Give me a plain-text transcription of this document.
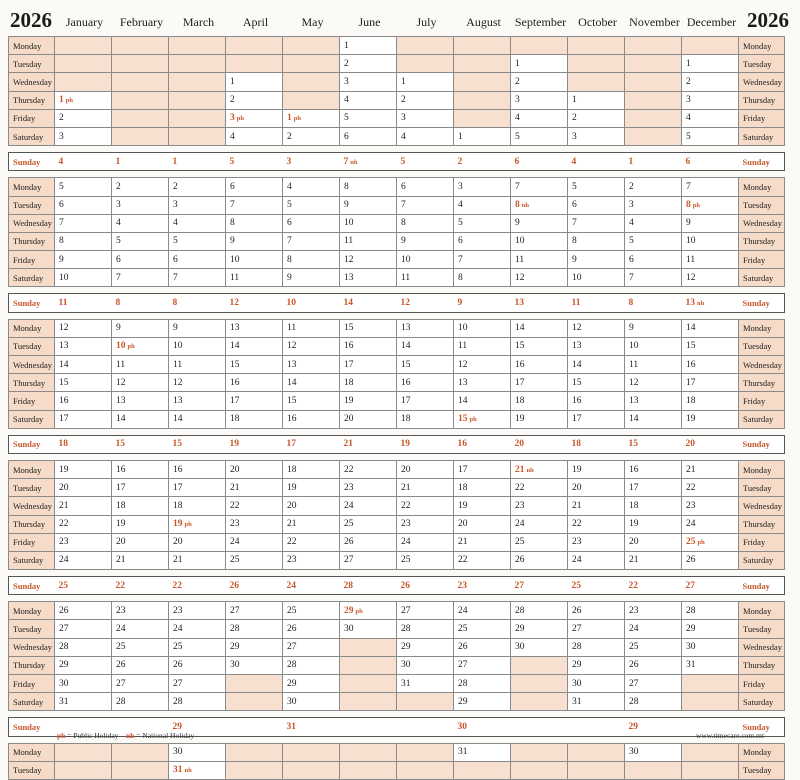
2026	2026
January	February	March	April	May	June	July	August	September	October	November December
Monday						1							Monday
Tuesday						2			1			1	Tuesday
Wednesday				1		3	1		2			2	Wednesday
Thursday	1 ph			2		4	2		3	1		3	Thursday
Friday	2			3 ph	1 ph	5	3		4	2		4	Friday
Saturday	3			4	2	6	4	1	5	3		5	Saturday

Sunday	4	1	1	5	3	7 nh	5	2	6	4	1	6	Sunday

Monday	5	2	2	6	4	8	6	3	7	5	2	7	Monday
Tuesday	6	3	3	7	5	9	7	4	8 nh	6	3	8 ph	Tuesday
Wednesday	7	4	4	8	6	10	8	5	9	7	4	9	Wednesday
Thursday	8	5	5	9	7	11	9	6	10	8	5	10	Thursday
Friday	9	6	6	10	8	12	10	7	11	9	6	11	Friday
Saturday	10	7	7	11	9	13	11	8	12	10	7	12	Saturday

Sunday	11	8	8	12	10	14	12	9	13	11	8	13 nh	Sunday

Monday	12	9	9	13	11	15	13	10	14	12	9	14	Monday
Tuesday	13	10 ph	10	14	12	16	14	11	15	13	10	15	Tuesday
Wednesday	14	11	11	15	13	17	15	12	16	14	11	16	Wednesday
Thursday	15	12	12	16	14	18	16	13	17	15	12	17	Thursday
Friday	16	13	13	17	15	19	17	14	18	16	13	18	Friday
Saturday	17	14	14	18	16	20	18	15 ph	19	17	14	19	Saturday

Sunday	18	15	15	19	17	21	19	16	20	18	15	20	Sunday

Monday	19	16	16	20	18	22	20	17	21 nh	19	16	21	Monday
Tuesday	20	17	17	21	19	23	21	18	22	20	17	22	Tuesday
Wednesday	21	18	18	22	20	24	22	19	23	21	18	23	Wednesday
Thursday	22	19	19 ph	23	21	25	23	20	24	22	19	24	Thursday
Friday	23	20	20	24	22	26	24	21	25	23	20	25 ph	Friday
Saturday	24	21	21	25	23	27	25	22	26	24	21	26	Saturday

Sunday	25	22	22	26	24	28	26	23	27	25	22	27	Sunday

Monday	26	23	23	27	25	29 ph	27	24	28	26	23	28	Monday
Tuesday	27	24	24	28	26	30	28	25	29	27	24	29	Tuesday
Wednesday	28	25	25	29	27		29	26	30	28	25	30	Wednesday
Thursday	29	26	26	30	28		30	27		29	26	31	Thursday
Friday	30	27	27		29		31	28		30	27		Friday
Saturday	31	28	28		30			29		31	28		Saturday

Sunday			29		31			30			29		Sunday

Monday			30					31			30		Monday
Tuesday			31 nh										Tuesday
ph = Public Holiday nh = National Holiday	www.timecare.com.mt
